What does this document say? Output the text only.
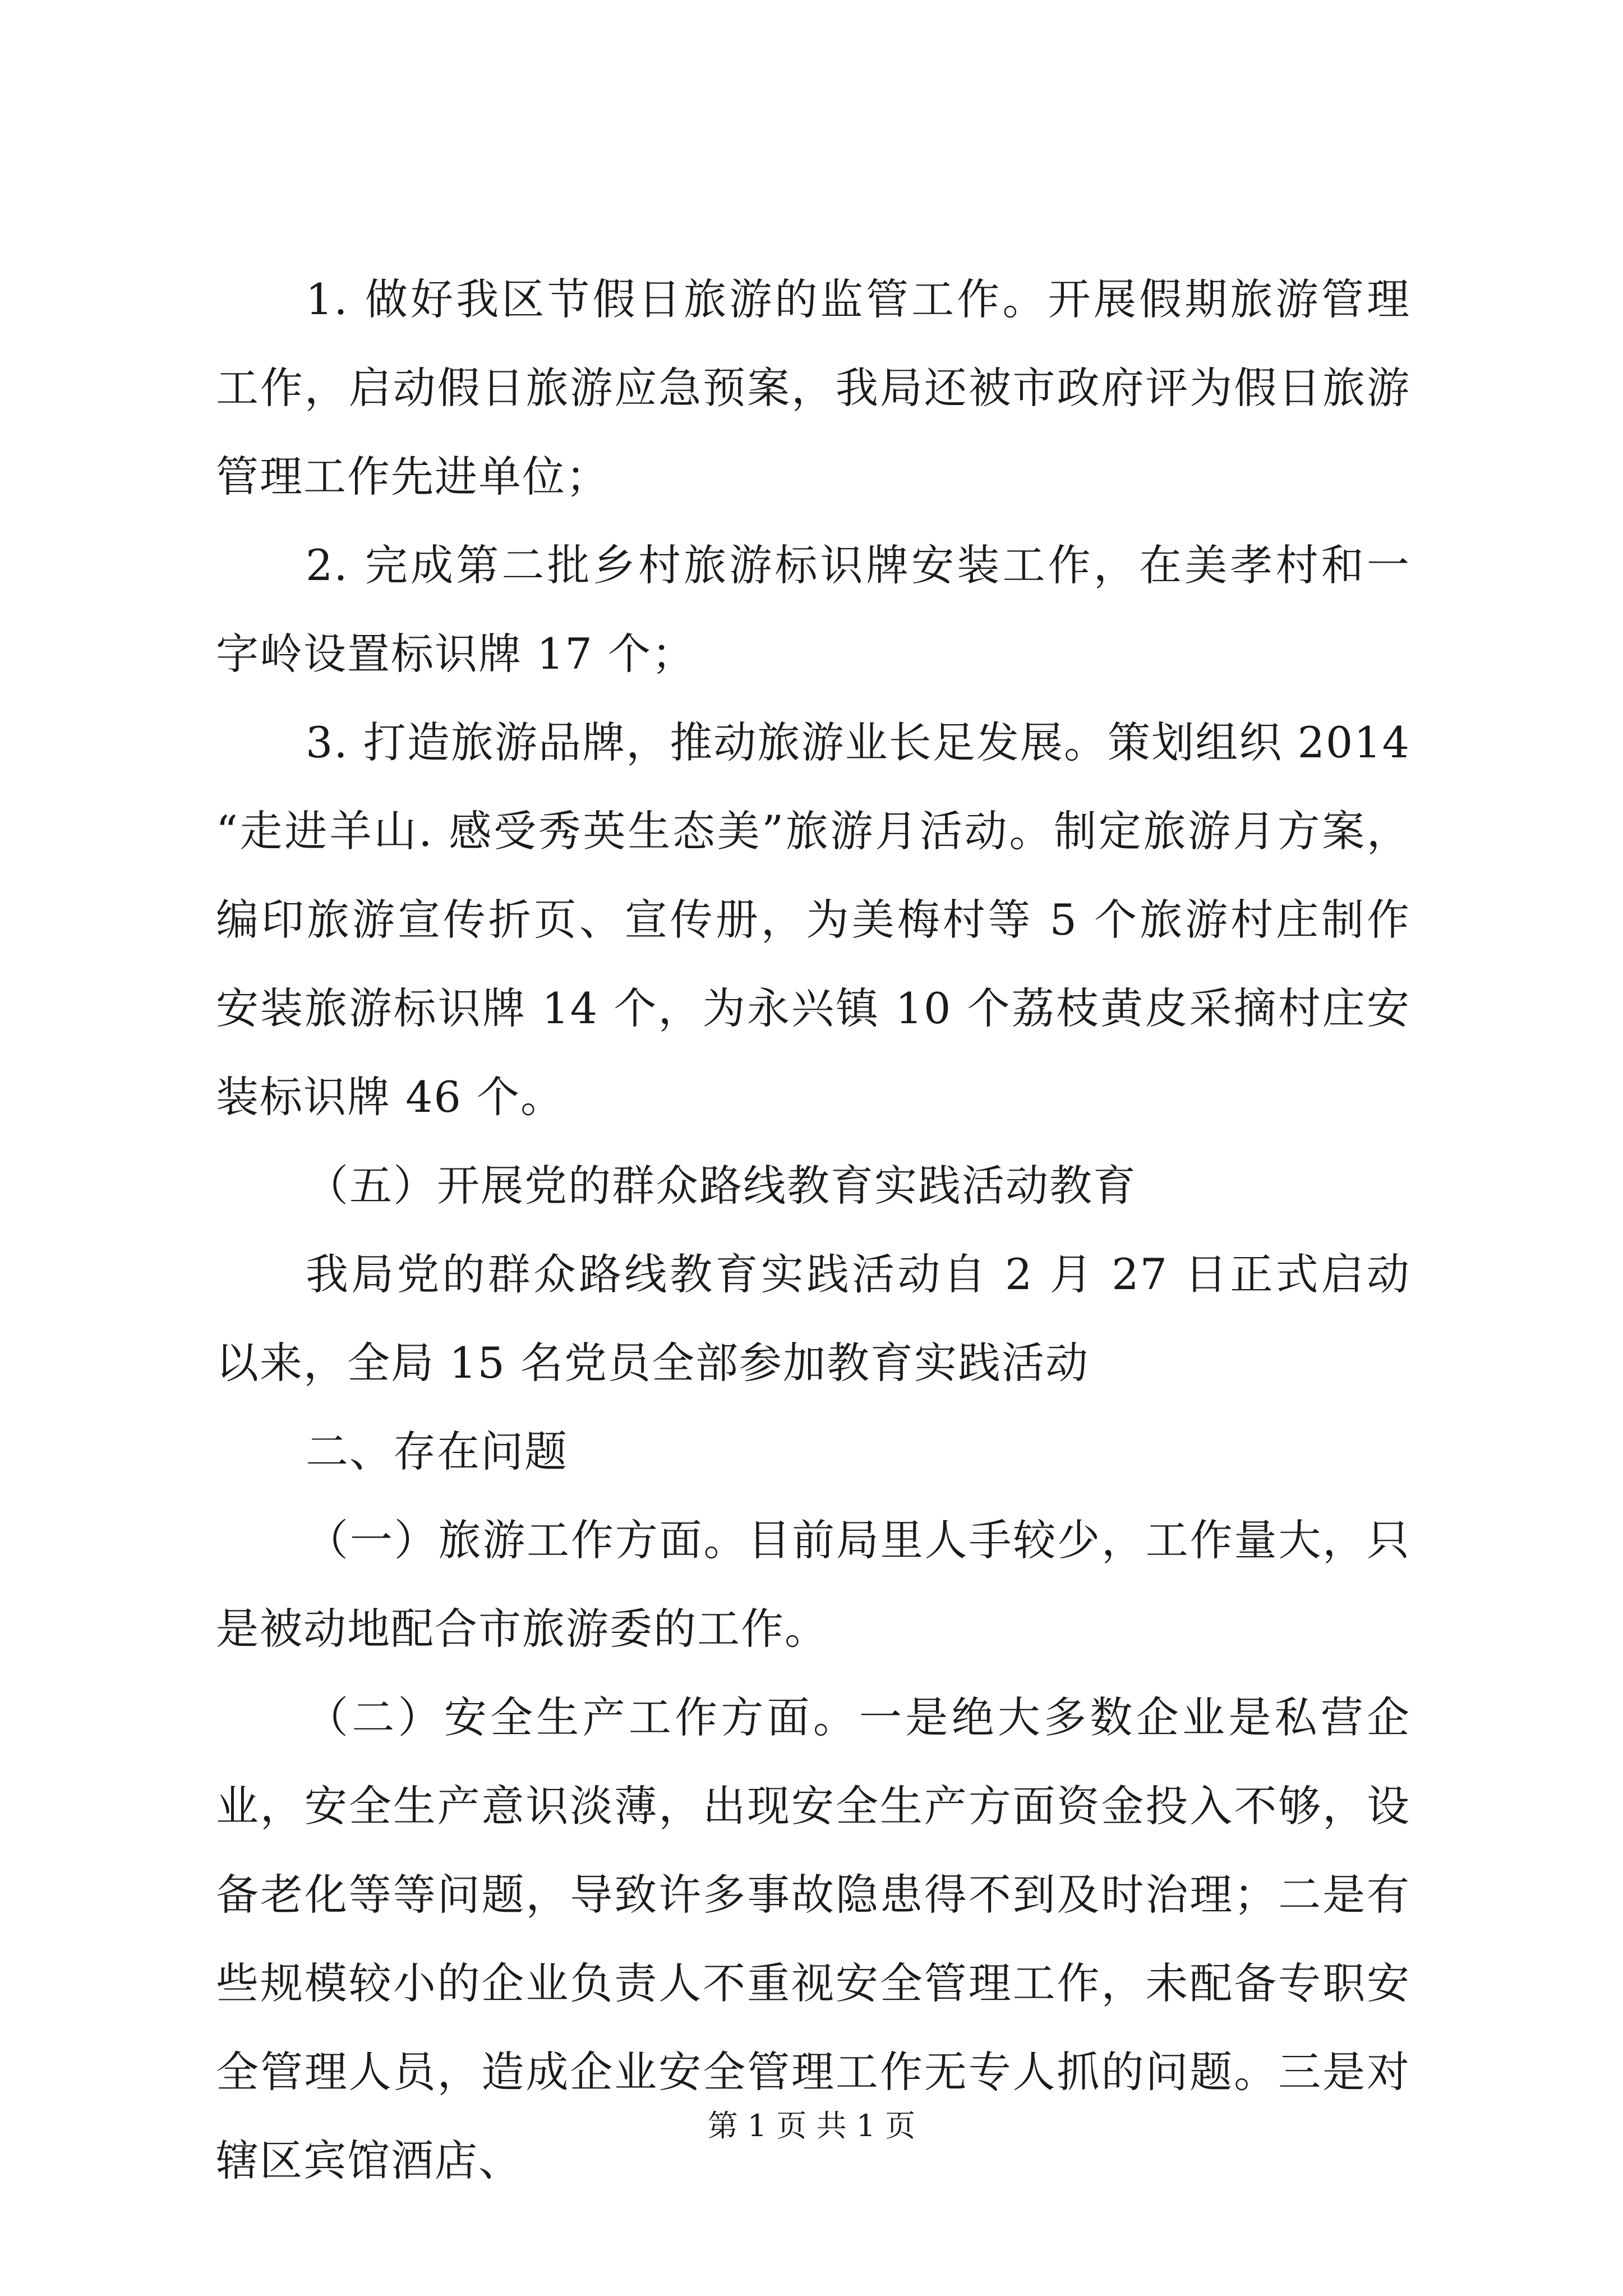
1. 做好我区节假日旅游的监管工作。开展假期旅游管理工作，启动假日旅游应急预案，我局还被市政府评为假日旅游管理工作先进单位；

2. 完成第二批乡村旅游标识牌安装工作，在美孝村和一字岭设置标识牌 17 个；

3. 打造旅游品牌，推动旅游业长足发展。策划组织 2014 “走进羊山. 感受秀英生态美”旅游月活动。制定旅游月方案，编印旅游宣传折页、宣传册，为美梅村等 5 个旅游村庄制作安装旅游标识牌 14 个，为永兴镇 10 个荔枝黄皮采摘村庄安装标识牌 46 个。

（五）开展党的群众路线教育实践活动教育

我局党的群众路线教育实践活动自 2 月 27 日正式启动以来，全局 15 名党员全部参加教育实践活动

二、存在问题

（一）旅游工作方面。目前局里人手较少，工作量大，只是被动地配合市旅游委的工作。

（二）安全生产工作方面。一是绝大多数企业是私营企业，安全生产意识淡薄，出现安全生产方面资金投入不够，设备老化等等问题，导致许多事故隐患得不到及时治理；二是有些规模较小的企业负责人不重视安全管理工作，未配备专职安全管理人员，造成企业安全管理工作无专人抓的问题。三是对辖区宾馆酒店、

第 1 页 共 1 页
